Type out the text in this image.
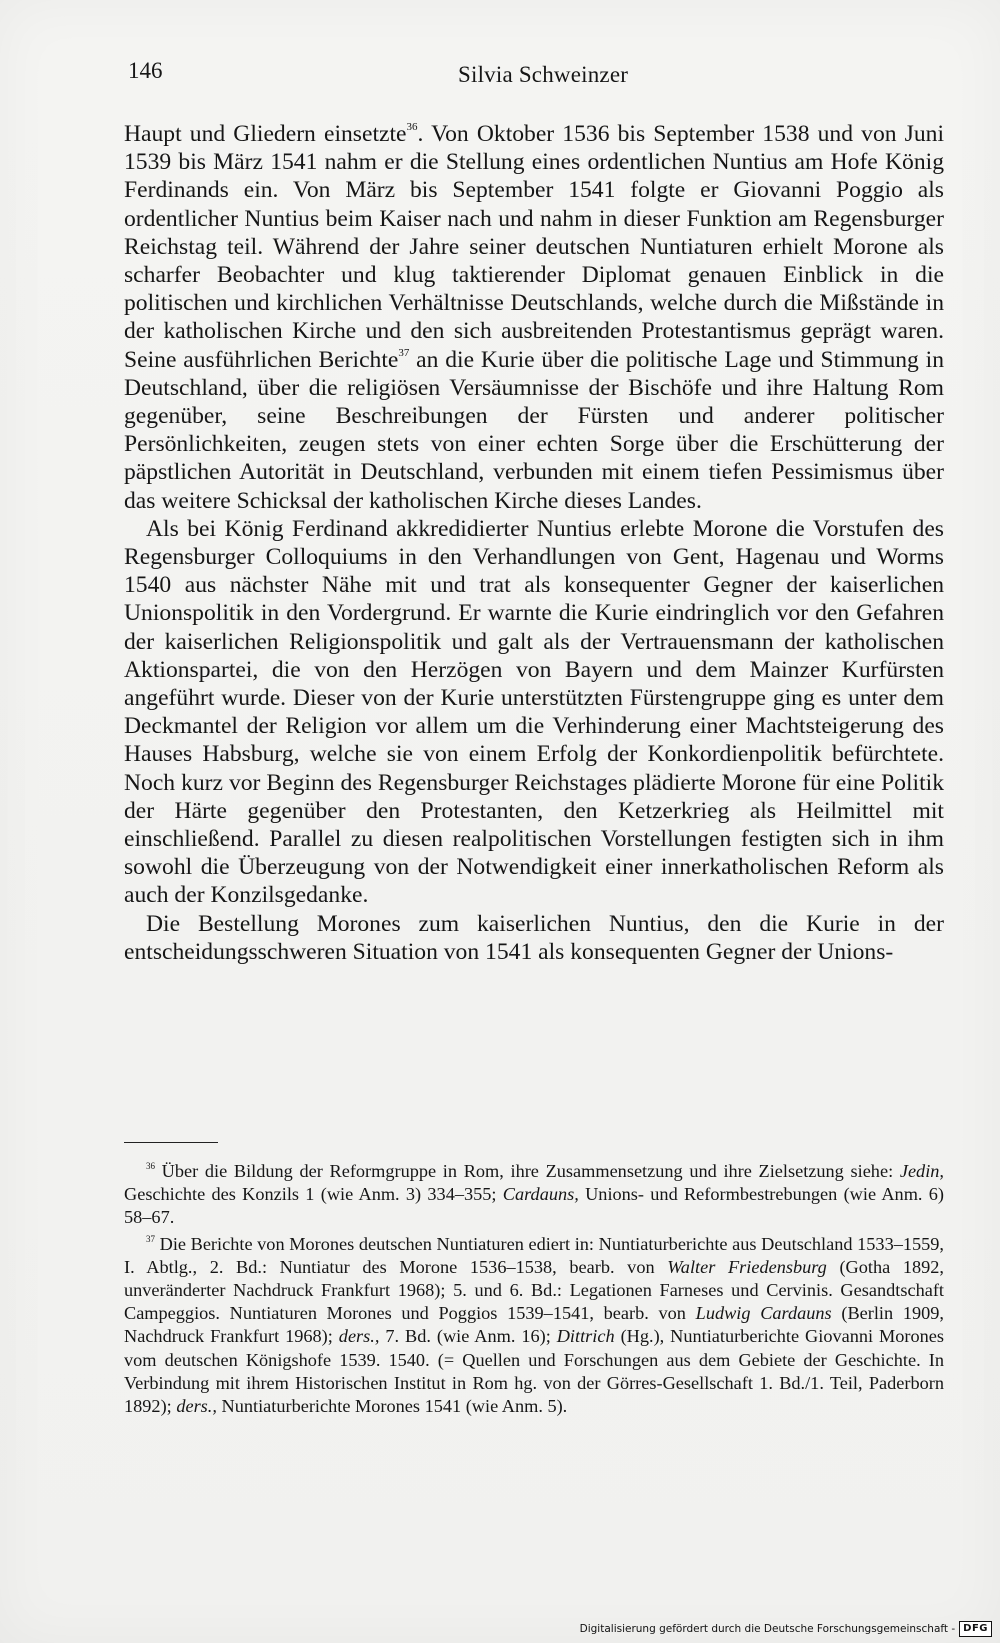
146	Silvia Schweinzer

Haupt und Gliedern einsetzte$^{36}$. Von Oktober 1536 bis September 1538 und von Juni 1539 bis März 1541 nahm er die Stellung eines ordentlichen Nuntius am Hofe König Ferdinands ein. Von März bis September 1541 folgte er Giovanni Poggio als ordentlicher Nuntius beim Kaiser nach und nahm in dieser Funktion am Regensburger Reichstag teil. Während der Jahre seiner deutschen Nuntiaturen erhielt Morone als scharfer Beobachter und klug taktierender Diplomat genauen Einblick in die politischen und kirchlichen Verhältnisse Deutschlands, welche durch die Mißstände in der katholischen Kirche und den sich ausbreitenden Protestantismus geprägt waren. Seine ausführlichen Berichte$^{37}$ an die Kurie über die politische Lage und Stimmung in Deutschland, über die religiösen Versäumnisse der Bischöfe und ihre Haltung Rom gegenüber, seine Beschreibungen der Fürsten und anderer politischer Persönlichkeiten, zeugen stets von einer echten Sorge über die Erschütterung der päpstlichen Autorität in Deutschland, verbunden mit einem tiefen Pessimismus über das weitere Schicksal der katholischen Kirche dieses Landes.

Als bei König Ferdinand akkredidierter Nuntius erlebte Morone die Vorstufen des Regensburger Colloquiums in den Verhandlungen von Gent, Hagenau und Worms 1540 aus nächster Nähe mit und trat als konsequenter Gegner der kaiserlichen Unionspolitik in den Vordergrund. Er warnte die Kurie eindringlich vor den Gefahren der kaiserlichen Religionspolitik und galt als der Vertrauensmann der katholischen Aktionspartei, die von den Herzögen von Bayern und dem Mainzer Kurfürsten angeführt wurde. Dieser von der Kurie unterstützten Fürstengruppe ging es unter dem Deckmantel der Religion vor allem um die Verhinderung einer Machtsteigerung des Hauses Habsburg, welche sie von einem Erfolg der Konkordienpolitik befürchtete. Noch kurz vor Beginn des Regensburger Reichstages plädierte Morone für eine Politik der Härte gegenüber den Protestanten, den Ketzerkrieg als Heilmittel mit einschließend. Parallel zu diesen realpolitischen Vorstellungen festigten sich in ihm sowohl die Überzeugung von der Notwendigkeit einer innerkatholischen Reform als auch der Konzilsgedanke.

Die Bestellung Morones zum kaiserlichen Nuntius, den die Kurie in der entscheidungsschweren Situation von 1541 als konsequenten Gegner der Unions-

$^{36}$ Über die Bildung der Reformgruppe in Rom, ihre Zusammensetzung und ihre Zielsetzung siehe: Jedin, Geschichte des Konzils 1 (wie Anm. 3) 334–355; Cardauns, Unions- und Reformbestrebungen (wie Anm. 6) 58–67.

$^{37}$ Die Berichte von Morones deutschen Nuntiaturen ediert in: Nuntiaturberichte aus Deutschland 1533–1559, I. Abtlg., 2. Bd.: Nuntiatur des Morone 1536–1538, bearb. von Walter Friedensburg (Gotha 1892, unveränderter Nachdruck Frankfurt 1968); 5. und 6. Bd.: Legationen Farneses und Cervinis. Gesandtschaft Campeggios. Nuntiaturen Morones und Poggios 1539–1541, bearb. von Ludwig Cardauns (Berlin 1909, Nachdruck Frankfurt 1968); ders., 7. Bd. (wie Anm. 16); Dittrich (Hg.), Nuntiaturberichte Giovanni Morones vom deutschen Königshofe 1539. 1540. (= Quellen und Forschungen aus dem Gebiete der Geschichte. In Verbindung mit ihrem Historischen Institut in Rom hg. von der Görres-Gesellschaft 1. Bd./1. Teil, Paderborn 1892); ders., Nuntiaturberichte Morones 1541 (wie Anm. 5).

Digitalisierung gefördert durch die Deutsche Forschungsgemeinschaft - DFG
